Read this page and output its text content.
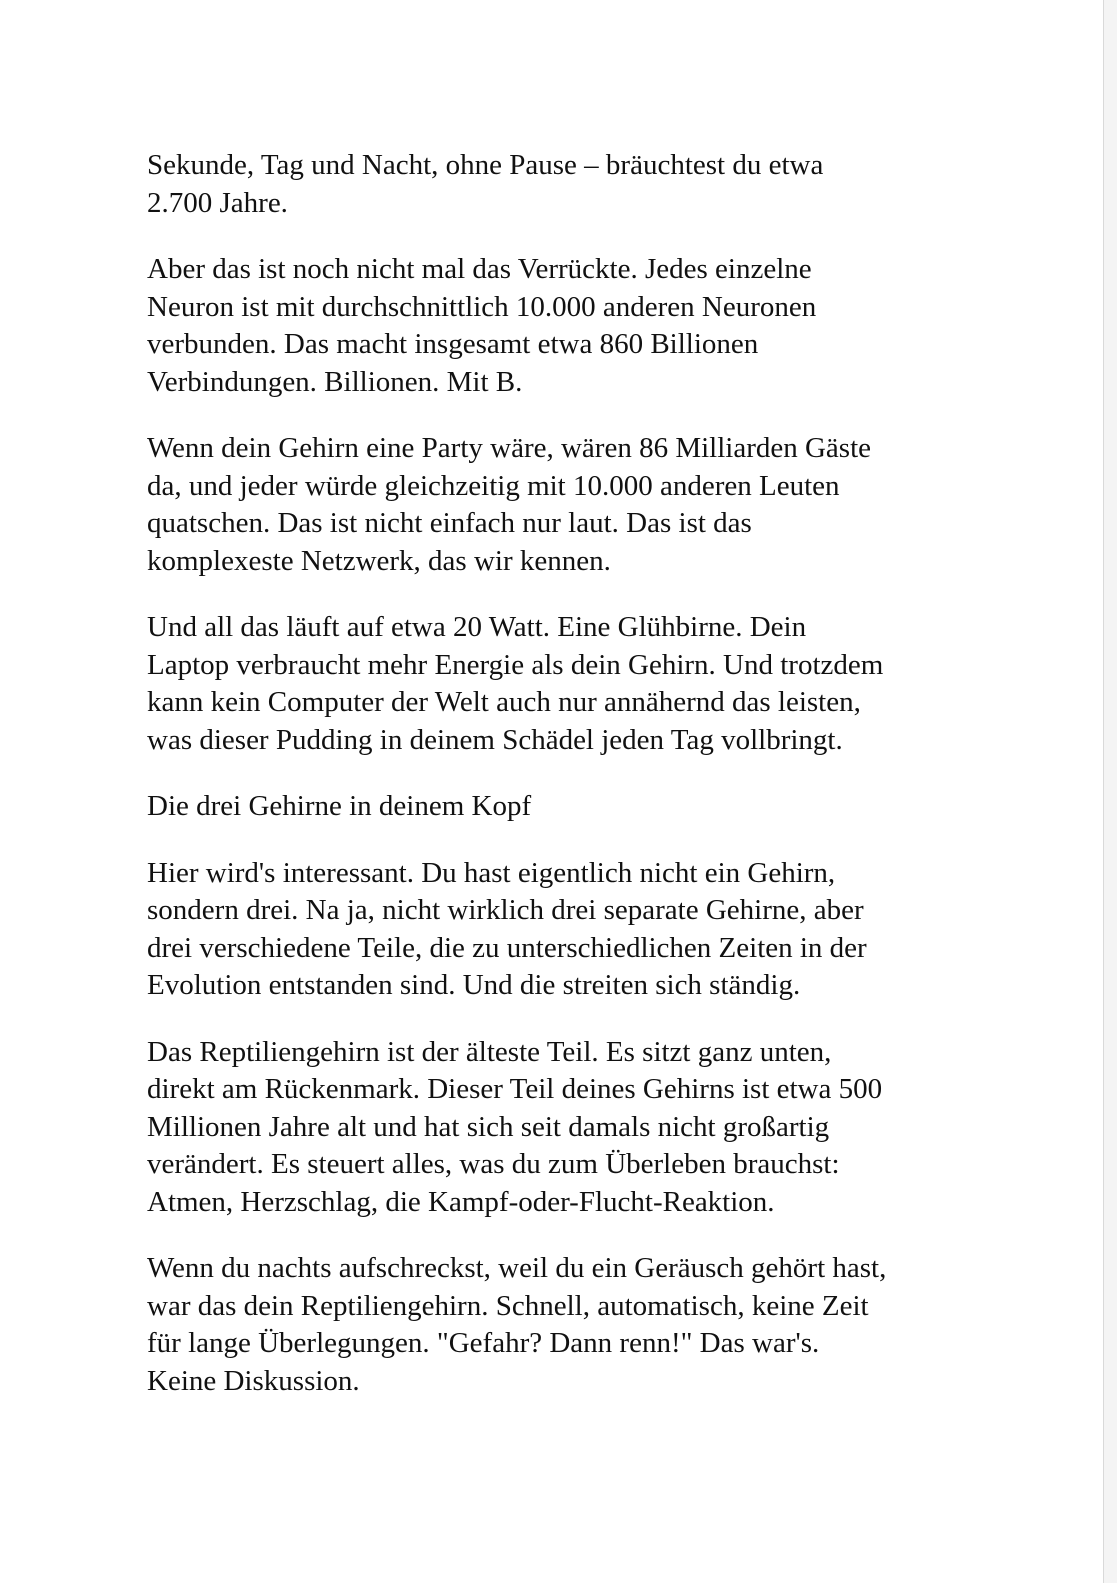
Sekunde, Tag und Nacht, ohne Pause – bräuchtest du etwa
2.700 Jahre.

Aber das ist noch nicht mal das Verrückte. Jedes einzelne
Neuron ist mit durchschnittlich 10.000 anderen Neuronen
verbunden. Das macht insgesamt etwa 860 Billionen
Verbindungen. Billionen. Mit B.

Wenn dein Gehirn eine Party wäre, wären 86 Milliarden Gäste
da, und jeder würde gleichzeitig mit 10.000 anderen Leuten
quatschen. Das ist nicht einfach nur laut. Das ist das
komplexeste Netzwerk, das wir kennen.

Und all das läuft auf etwa 20 Watt. Eine Glühbirne. Dein
Laptop verbraucht mehr Energie als dein Gehirn. Und trotzdem
kann kein Computer der Welt auch nur annähernd das leisten,
was dieser Pudding in deinem Schädel jeden Tag vollbringt.

Die drei Gehirne in deinem Kopf

Hier wird's interessant. Du hast eigentlich nicht ein Gehirn,
sondern drei. Na ja, nicht wirklich drei separate Gehirne, aber
drei verschiedene Teile, die zu unterschiedlichen Zeiten in der
Evolution entstanden sind. Und die streiten sich ständig.

Das Reptiliengehirn ist der älteste Teil. Es sitzt ganz unten,
direkt am Rückenmark. Dieser Teil deines Gehirns ist etwa 500
Millionen Jahre alt und hat sich seit damals nicht großartig
verändert. Es steuert alles, was du zum Überleben brauchst:
Atmen, Herzschlag, die Kampf-oder-Flucht-Reaktion.

Wenn du nachts aufschreckst, weil du ein Geräusch gehört hast,
war das dein Reptiliengehirn. Schnell, automatisch, keine Zeit
für lange Überlegungen. "Gefahr? Dann renn!" Das war's.
Keine Diskussion.
